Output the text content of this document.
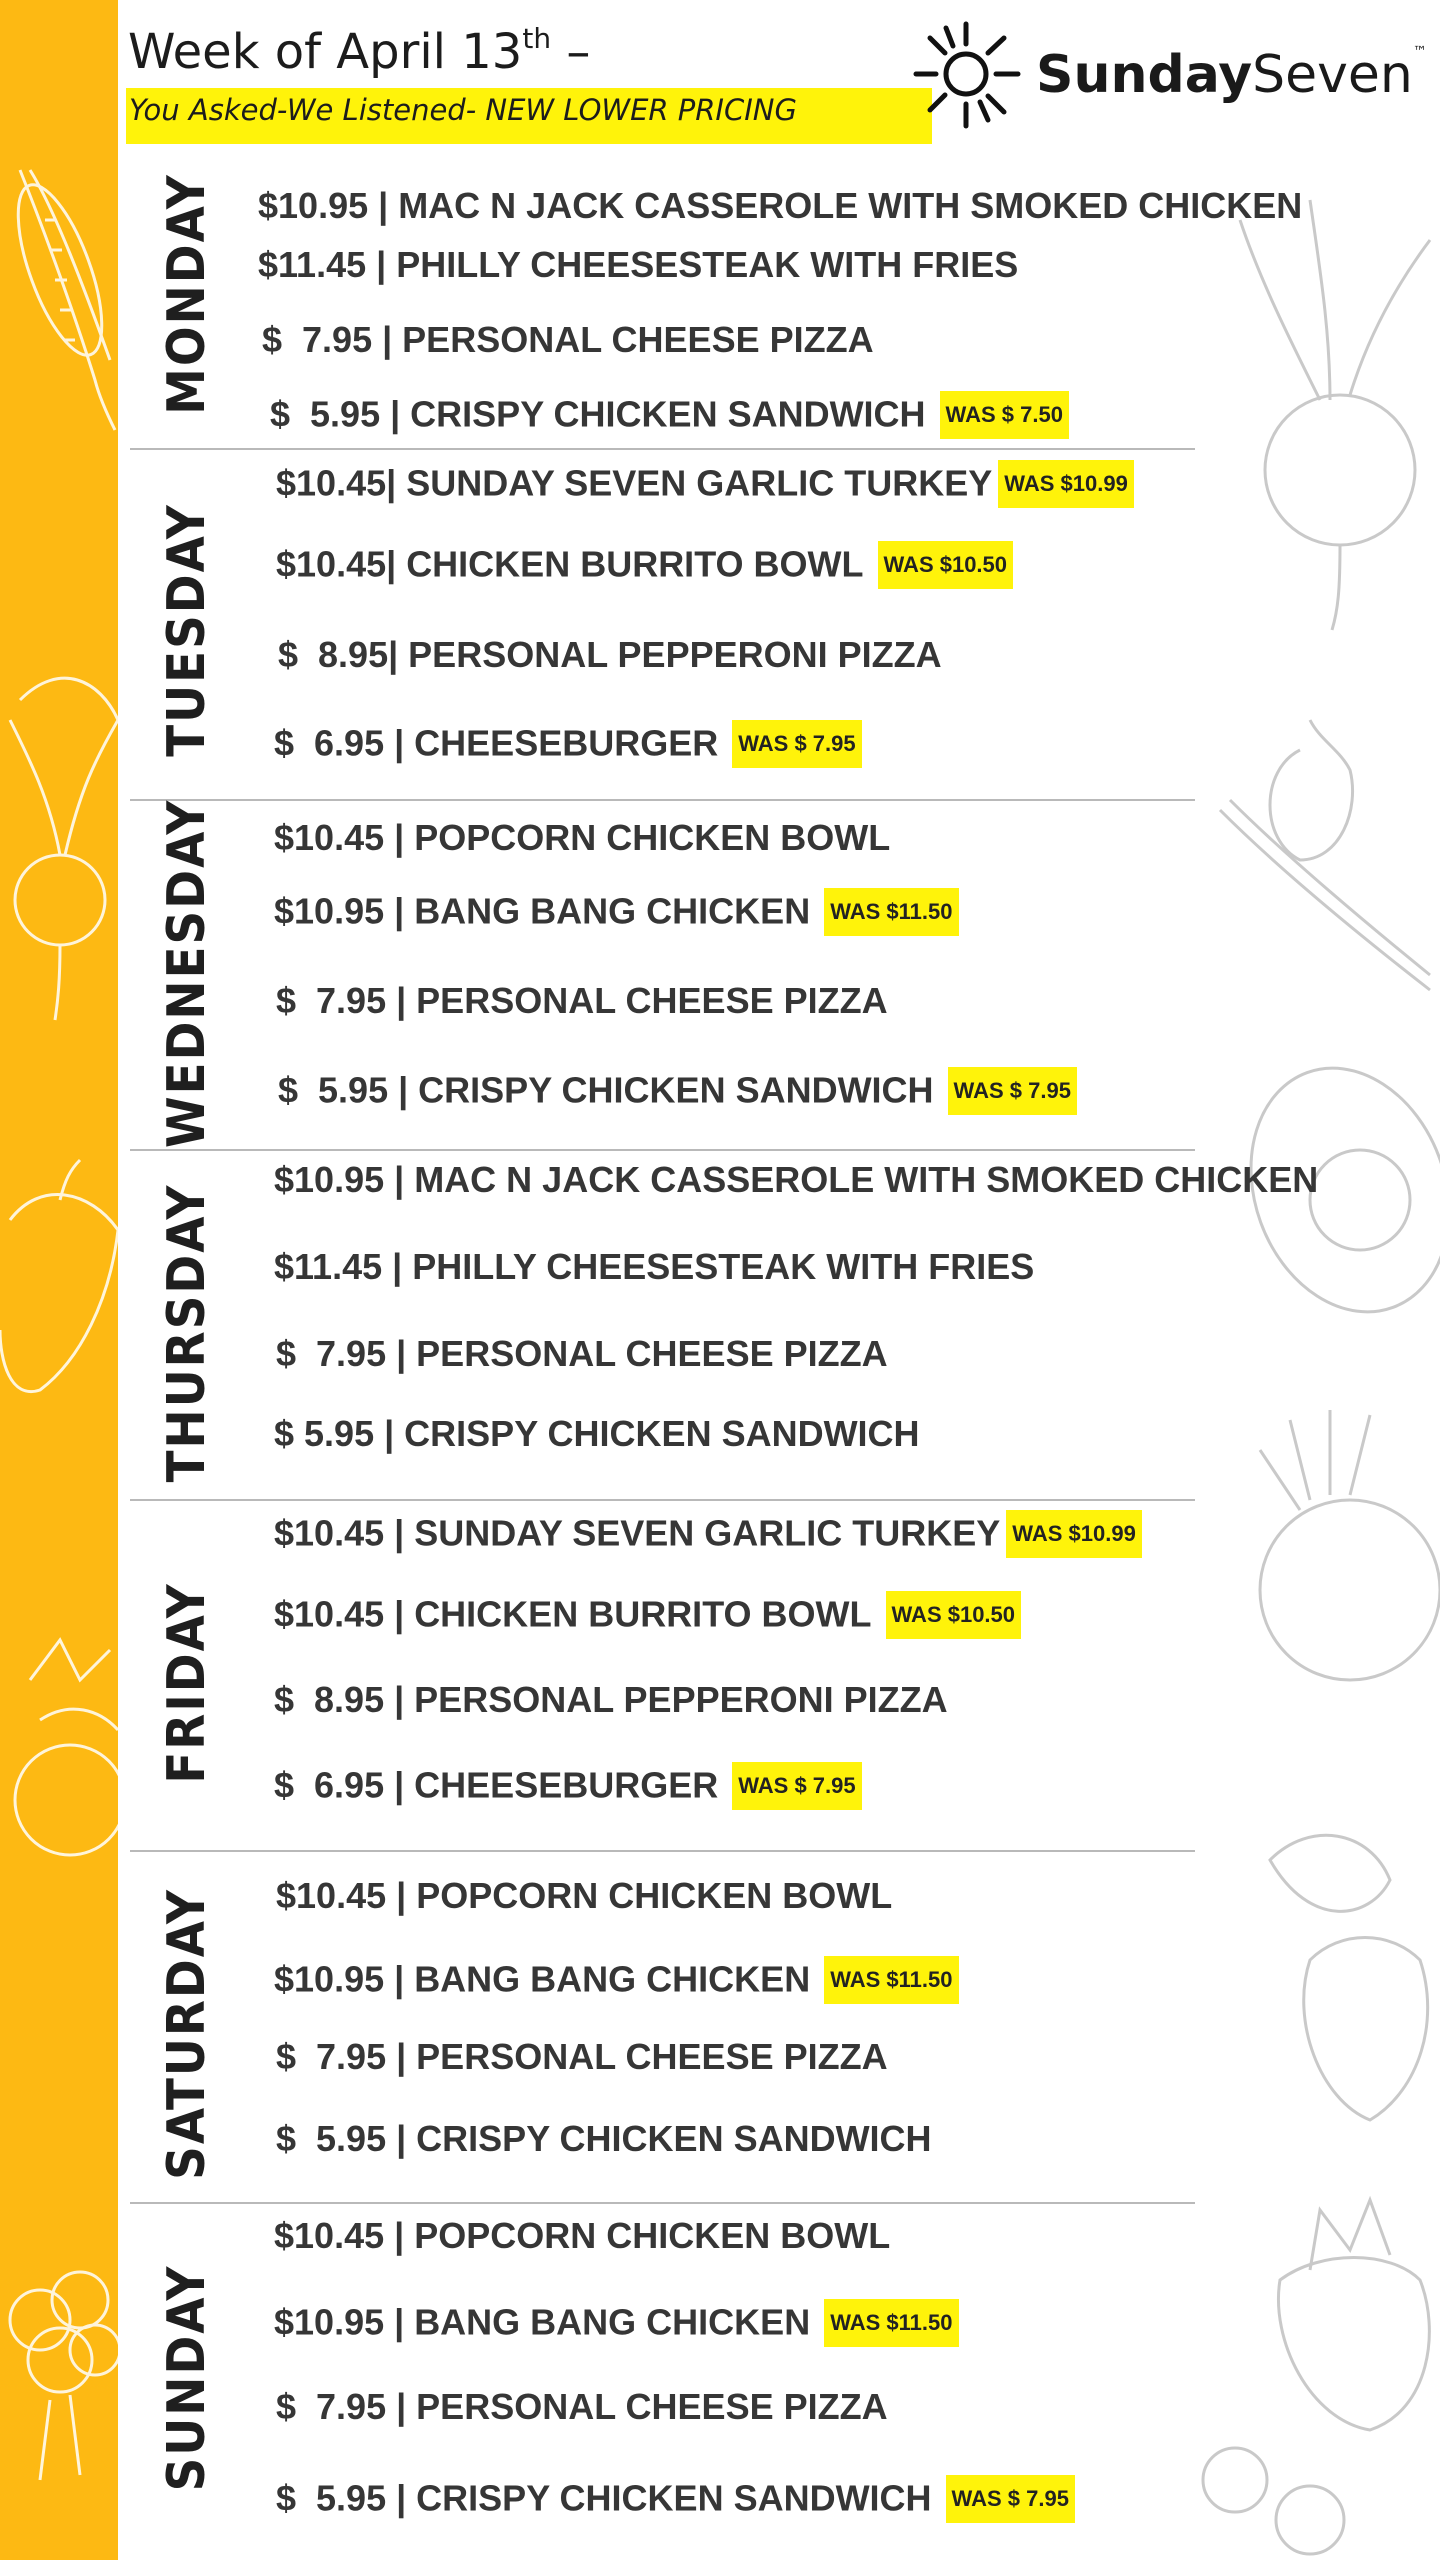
Week of April 13th –
You Asked-We Listened- NEW LOWER PRICING
SundaySeven™
MONDAY $10.95 | MAC N JACK CASSEROLE WITH SMOKED CHICKEN
$11.45 | PHILLY CHEESESTEAK WITH FRIES
$  7.95 | PERSONAL CHEESE PIZZA
$  5.95 | CRISPY CHICKEN SANDWICH WAS $ 7.50
TUESDAY
$10.45| SUNDAY SEVEN GARLIC TURKEY WAS $10.99
$10.45| CHICKEN BURRITO BOWL WAS $10.50
$  8.95| PERSONAL PEPPERONI PIZZA
$  6.95 | CHEESEBURGER WAS $ 7.95
WEDNESDAY $10.45 | POPCORN CHICKEN BOWL
$10.95 | BANG BANG CHICKEN WAS $11.50
$  7.95 | PERSONAL CHEESE PIZZA
$  5.95 | CRISPY CHICKEN SANDWICH WAS $ 7.95
THURSDAY
$10.95 | MAC N JACK CASSEROLE WITH SMOKED CHICKEN
$11.45 | PHILLY CHEESESTEAK WITH FRIES
$  7.95 | PERSONAL CHEESE PIZZA
$ 5.95 | CRISPY CHICKEN SANDWICH
FRIDAY
$10.45 | SUNDAY SEVEN GARLIC TURKEY WAS $10.99
$10.45 | CHICKEN BURRITO BOWL WAS $10.50
$  8.95 | PERSONAL PEPPERONI PIZZA
$  6.95 | CHEESEBURGER WAS $ 7.95
SATURDAY $10.45 | POPCORN CHICKEN BOWL
$10.95 | BANG BANG CHICKEN WAS $11.50
$  7.95 | PERSONAL CHEESE PIZZA
$  5.95 | CRISPY CHICKEN SANDWICH
SUNDAY
$10.45 | POPCORN CHICKEN BOWL
$10.95 | BANG BANG CHICKEN WAS $11.50
$  7.95 | PERSONAL CHEESE PIZZA
$  5.95 | CRISPY CHICKEN SANDWICH WAS $ 7.95
